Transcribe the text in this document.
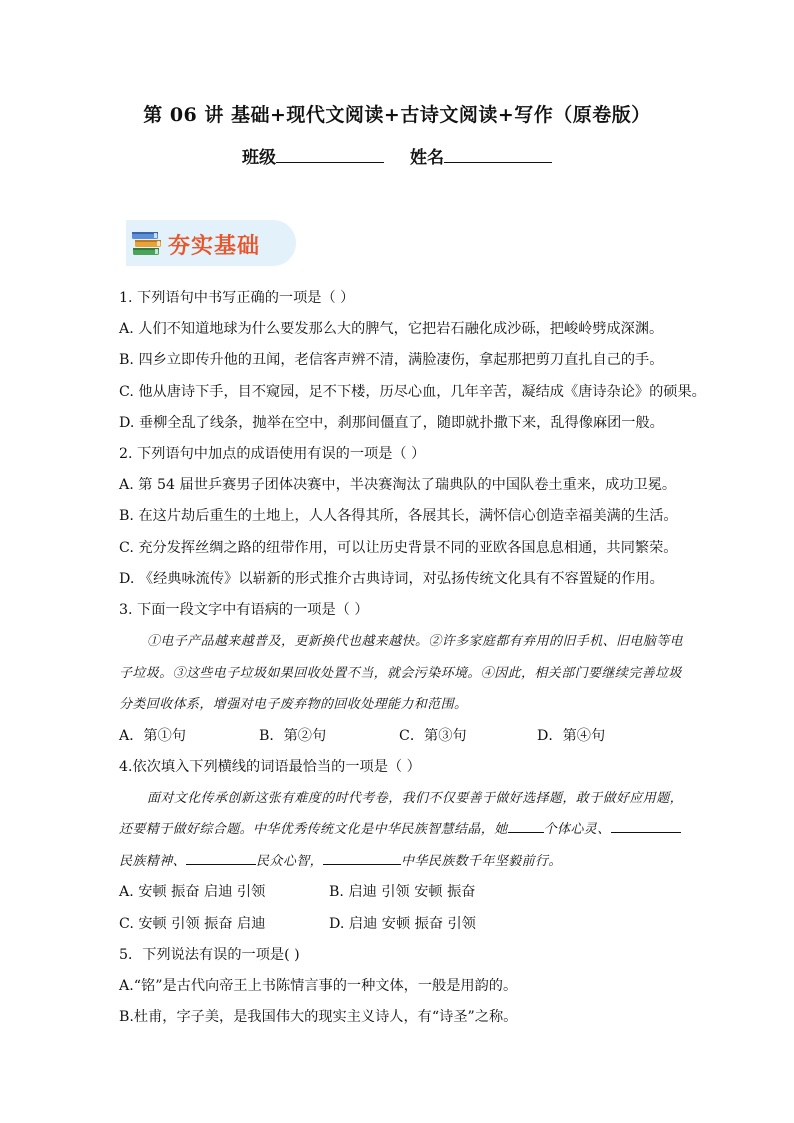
第 06 讲 基础+现代文阅读+古诗文阅读+写作（原卷版）
班级	姓名
夯实基础
1. 下列语句中书写正确的一项是（ ）
A. 人们不知道地球为什么要发那么大的脾气，它把岩石融化成沙砾，把峻岭劈成深渊。
B. 四乡立即传升他的丑闻，老信客声辨不清，满脸凄伤，拿起那把剪刀直扎自己的手。
C. 他从唐诗下手，目不窥园，足不下楼，历尽心血，几年辛苦，凝结成《唐诗杂论》的硕果。
D. 垂柳全乱了线条，抛举在空中，刹那间僵直了，随即就扑撒下来，乱得像麻团一般。
2. 下列语句中加点的成语使用有误的一项是（ ）
A. 第 54 届世乒赛男子团体决赛中，半决赛淘汰了瑞典队的中国队卷土重来，成功卫冕。
B. 在这片劫后重生的土地上，人人各得其所，各展其长，满怀信心创造幸福美满的生活。
C. 充分发挥丝绸之路的纽带作用，可以让历史背景不同的亚欧各国息息相通，共同繁荣。
D. 《经典咏流传》以崭新的形式推介古典诗词，对弘扬传统文化具有不容置疑的作用。
3. 下面一段文字中有语病的一项是（ ）
①电子产品越来越普及，更新换代也越来越快。②许多家庭都有弃用的旧手机、旧电脑等电
子垃圾。③这些电子垃圾如果回收处置不当，就会污染环境。④因此，相关部门要继续完善垃圾
分类回收体系，增强对电子废弃物的回收处理能力和范围。
A．第①句	B．第②句	C．第③句	D．第④句
4.依次填入下列横线的词语最恰当的一项是（ ）
面对文化传承创新这张有难度的时代考卷，我们不仅要善于做好选择题，敢于做好应用题，
还要精于做好综合题。中华优秀传统文化是中华民族智慧结晶，她	个体心灵、
民族精神、	民众心智，	中华民族数千年坚毅前行。
A. 安顿 振奋 启迪 引领	B. 启迪 引领 安顿 振奋
C. 安顿 引领 振奋 启迪	D. 启迪 安顿 振奋 引领
5．下列说法有误的一项是( )
A.“铭”是古代向帝王上书陈情言事的一种文体，一般是用韵的。
B.杜甫，字子美，是我国伟大的现实主义诗人，有“诗圣”之称。
